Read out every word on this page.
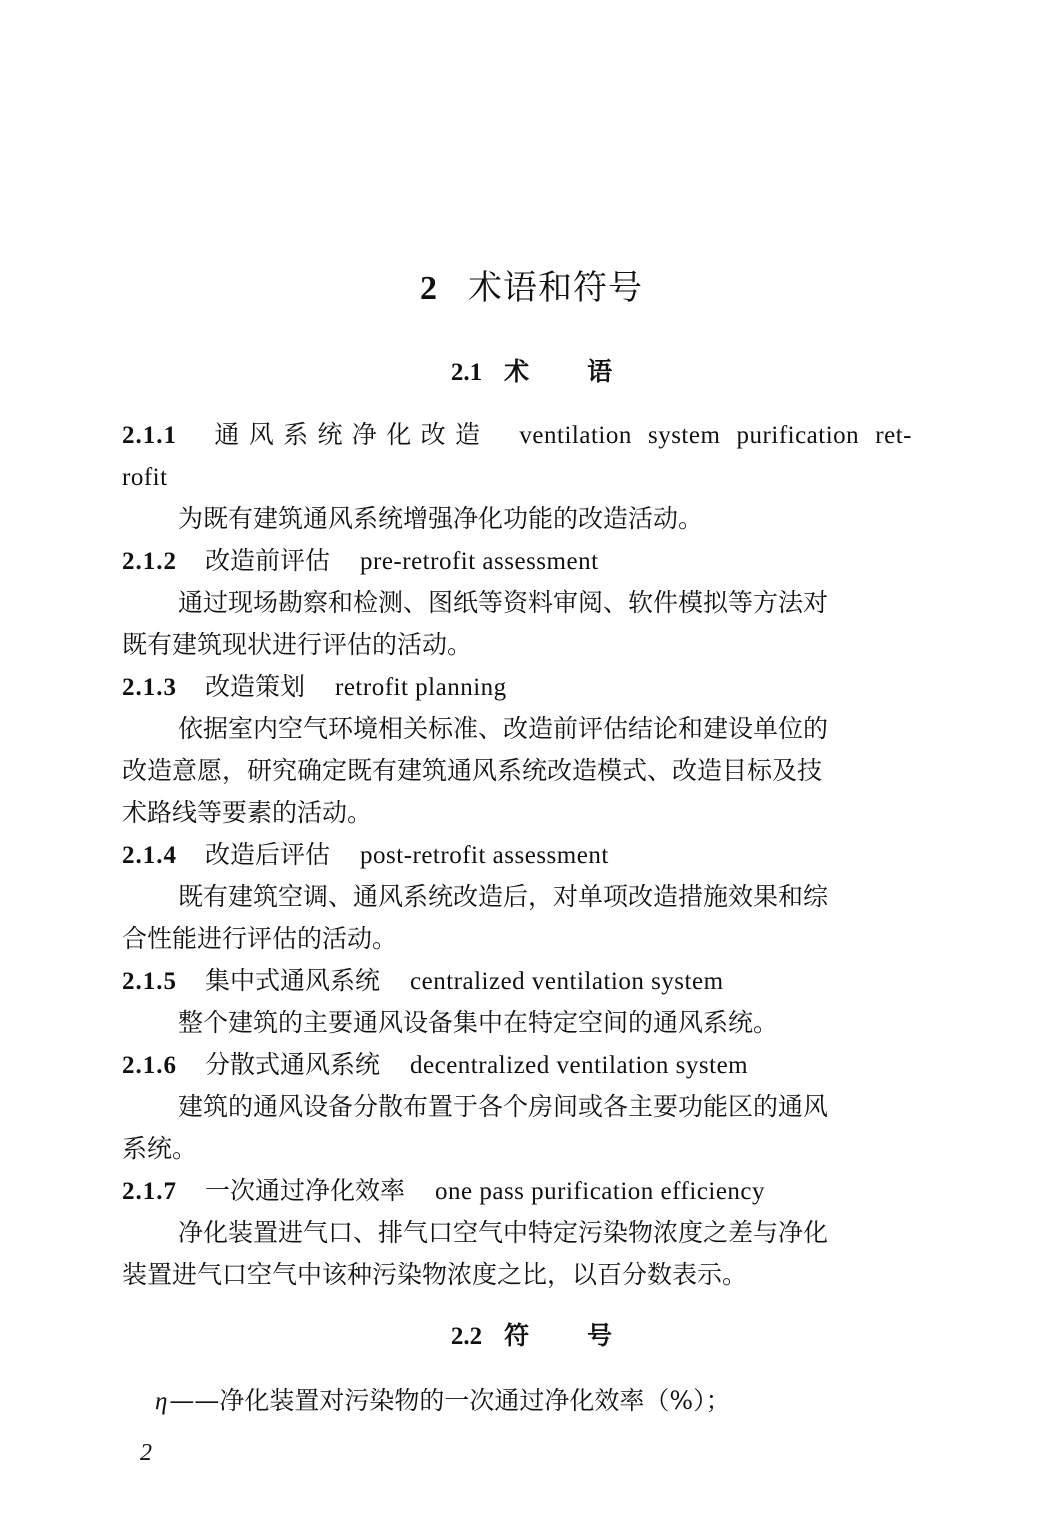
2 术语和符号
2.1 术 语
2.1.1 通风系统净化改造 ventilation system purification ret-
rofit
为既有建筑通风系统增强净化功能的改造活动。
2.1.2 改造前评估 pre-retrofit assessment
通过现场勘察和检测、图纸等资料审阅、软件模拟等方法对
既有建筑现状进行评估的活动。
2.1.3 改造策划 retrofit planning
依据室内空气环境相关标准、改造前评估结论和建设单位的
改造意愿，研究确定既有建筑通风系统改造模式、改造目标及技
术路线等要素的活动。
2.1.4 改造后评估 post-retrofit assessment
既有建筑空调、通风系统改造后，对单项改造措施效果和综
合性能进行评估的活动。
2.1.5 集中式通风系统 centralized ventilation system
整个建筑的主要通风设备集中在特定空间的通风系统。
2.1.6 分散式通风系统 decentralized ventilation system
建筑的通风设备分散布置于各个房间或各主要功能区的通风
系统。
2.1.7 一次通过净化效率 one pass purification efficiency
净化装置进气口、排气口空气中特定污染物浓度之差与净化
装置进气口空气中该种污染物浓度之比，以百分数表示。
2.2 符 号
η——净化装置对污染物的一次通过净化效率（%）；
2
